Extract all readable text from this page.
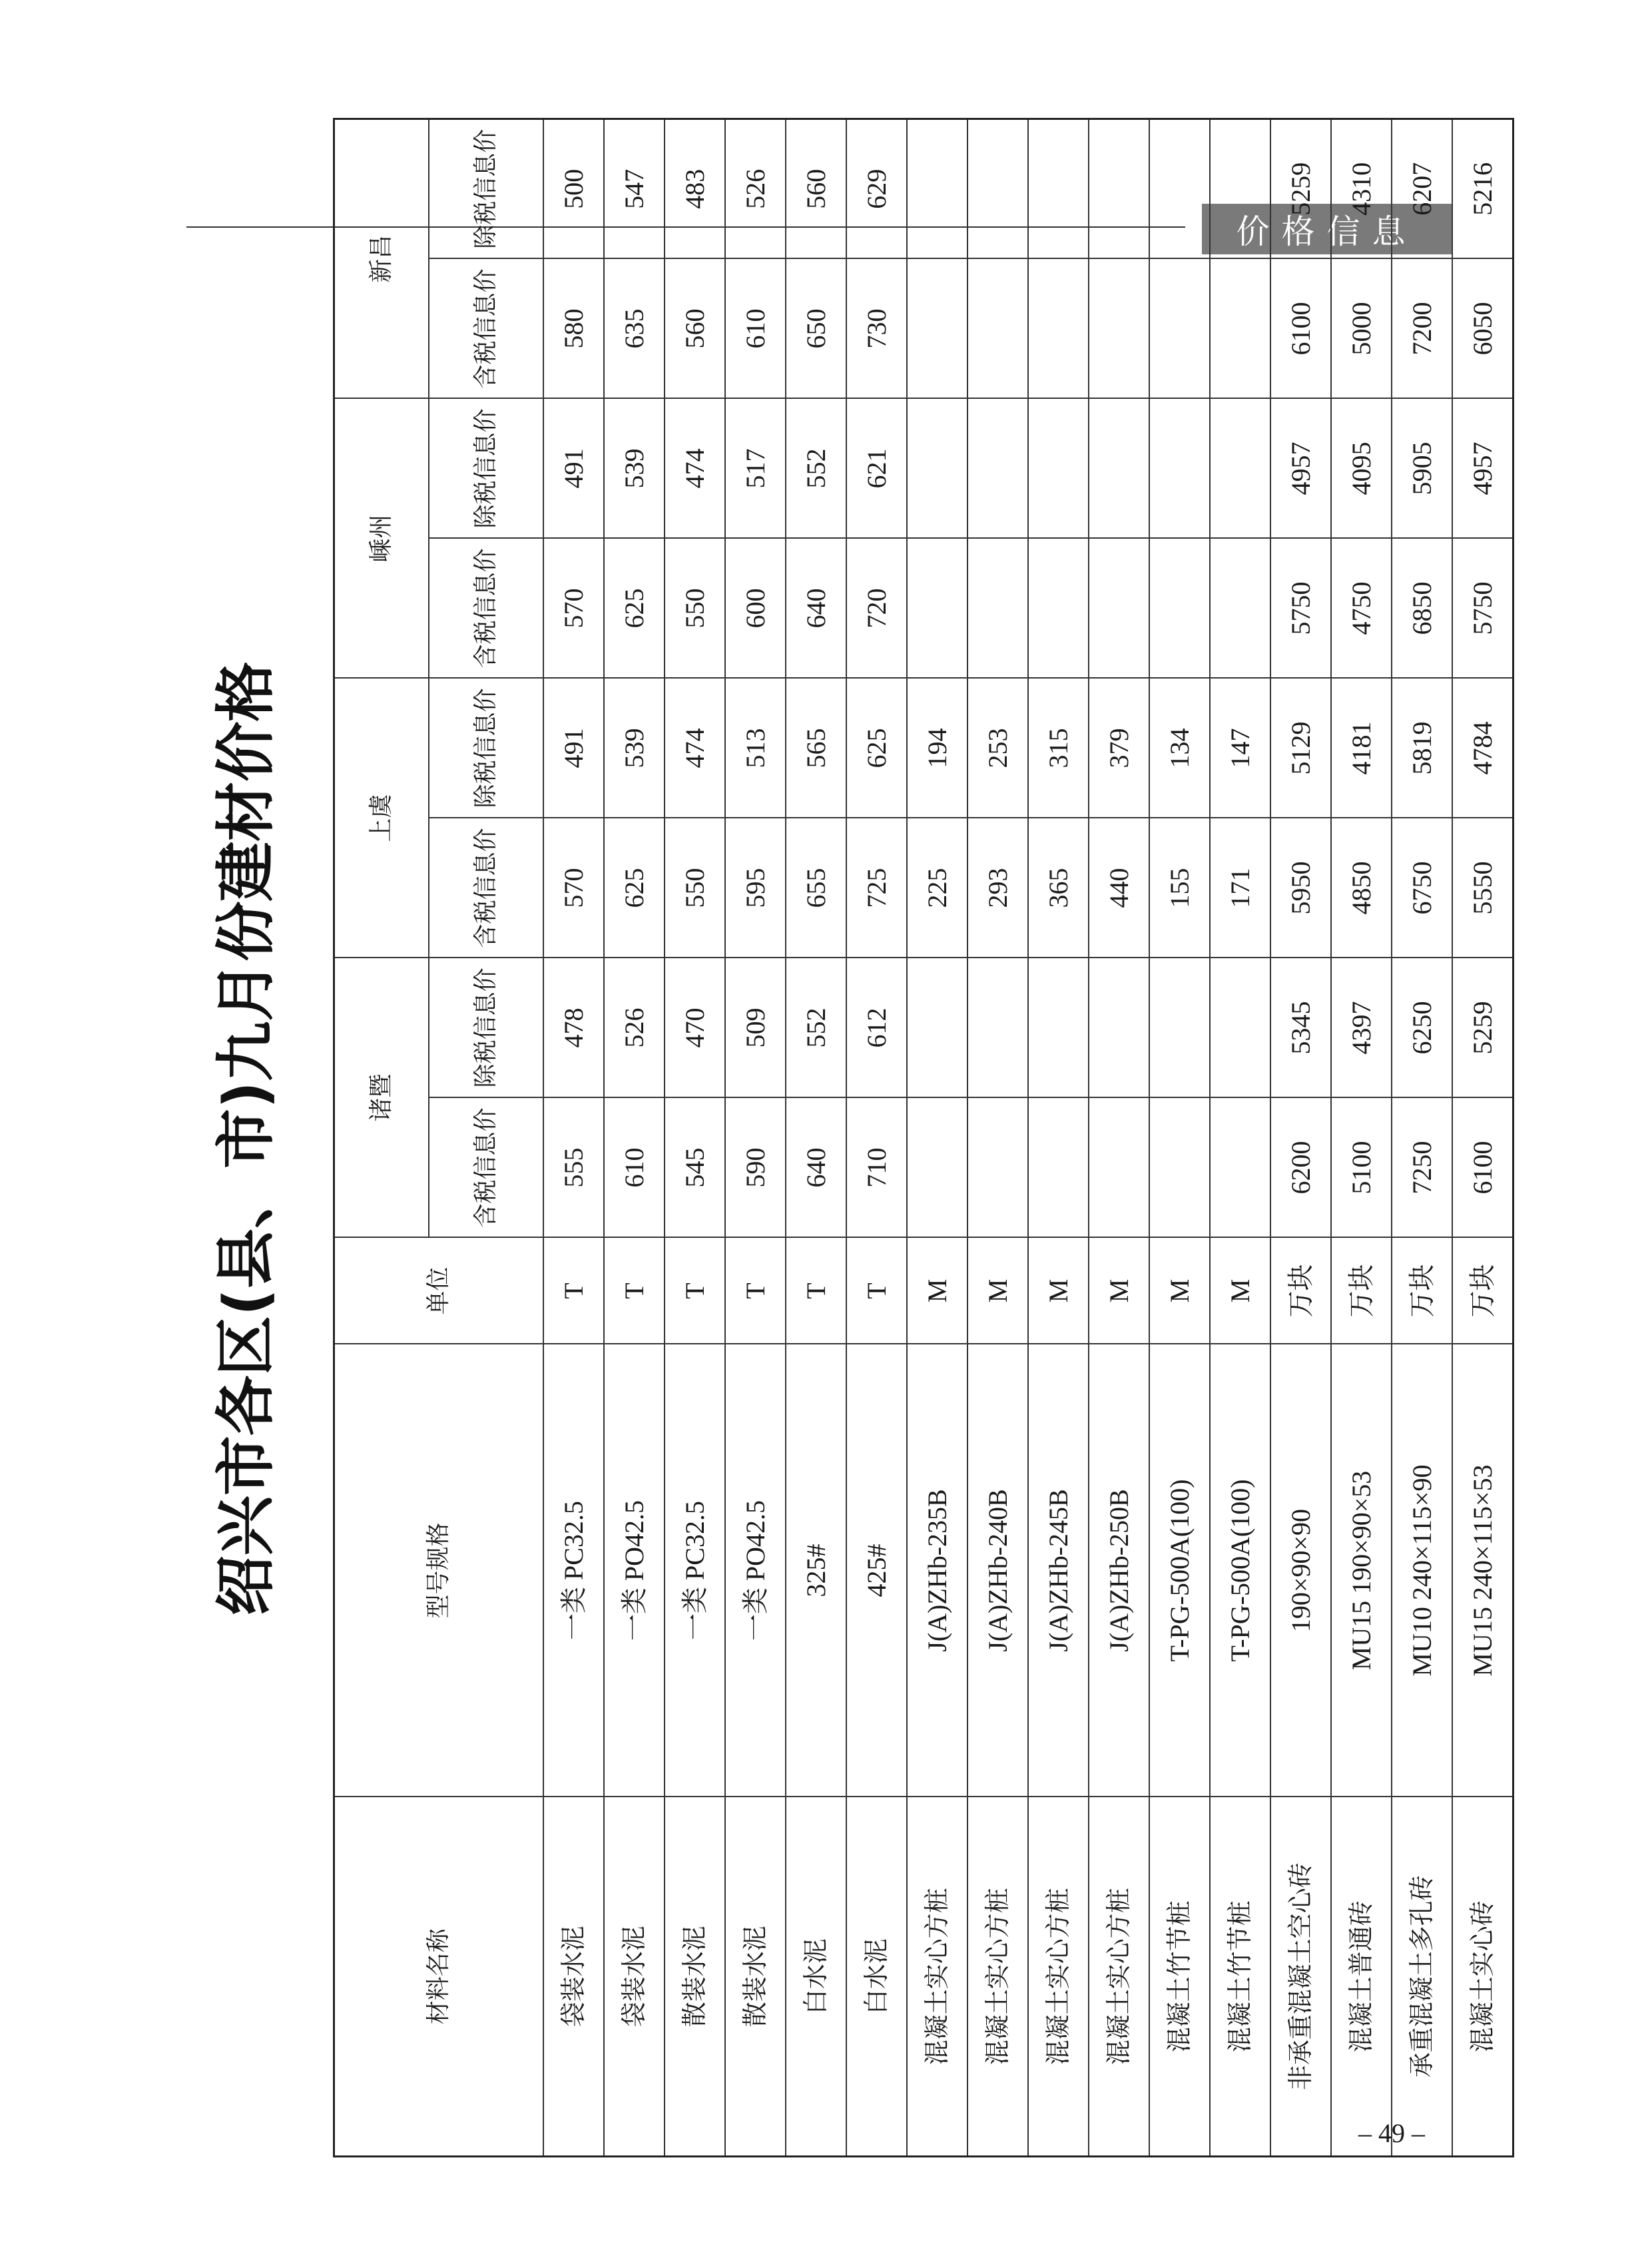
价格信息
绍兴市各区(县、市)九月份建材价格
材料名称	型号规格	单位	诸暨		上虞		嵊州		新昌	
			含税信息价	除税信息价	含税信息价	除税信息价	含税信息价	除税信息价	含税信息价	除税信息价
袋装水泥	一类 PC32.5	T	555	478	570	491	570	491	580	500
袋装水泥	一类 PO42.5	T	610	526	625	539	625	539	635	547
散装水泥	一类 PC32.5	T	545	470	550	474	550	474	560	483
散装水泥	一类 PO42.5	T	590	509	595	513	600	517	610	526
白水泥	325#	T	640	552	655	565	640	552	650	560
白水泥	425#	T	710	612	725	625	720	621	730	629
混凝土实心方桩	J(A)ZHb-235B	M			225	194				
混凝土实心方桩	J(A)ZHb-240B	M			293	253				
混凝土实心方桩	J(A)ZHb-245B	M			365	315				
混凝土实心方桩	J(A)ZHb-250B	M			440	379				
混凝土竹节桩	T-PG-500A(100)	M			155	134				
混凝土竹节桩	T-PG-500A(100)	M			171	147				
非承重混凝土空心砖	190×90×90	万块	6200	5345	5950	5129	5750	4957	6100	5259
混凝土普通砖	MU15 190×90×53	万块	5100	4397	4850	4181	4750	4095	5000	4310
承重混凝土多孔砖	MU10 240×115×90	万块	7250	6250	6750	5819	6850	5905	7200	6207
混凝土实心砖	MU15 240×115×53	万块	6100	5259	5550	4784	5750	4957	6050	5216
– 49 –
